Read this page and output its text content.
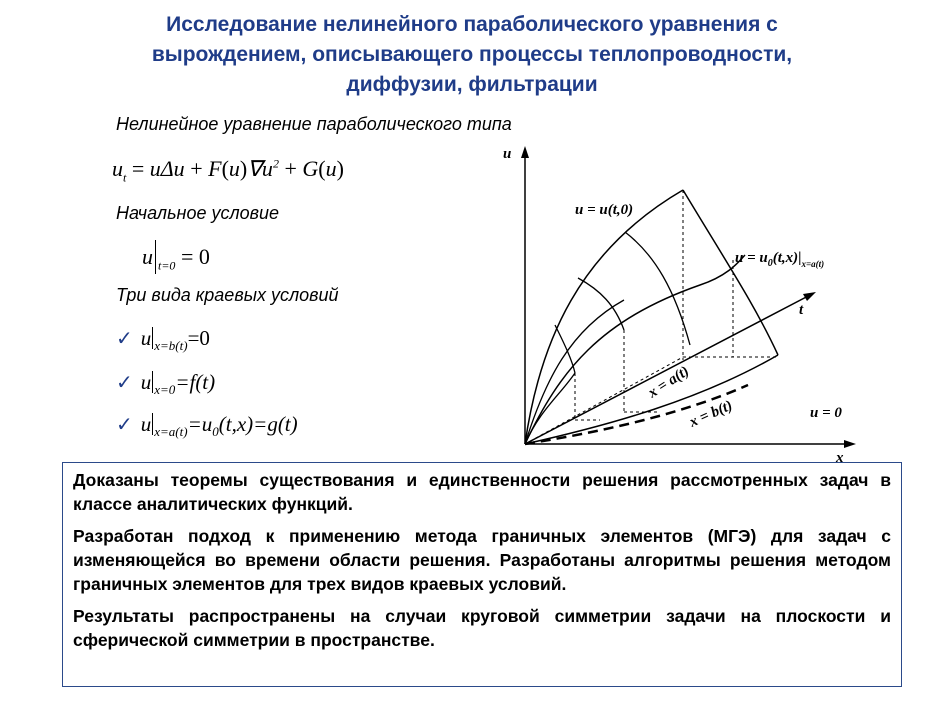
Исследование нелинейного параболического уравнения с
вырождением, описывающего процессы теплопроводности,
диффузии, фильтрации
Нелинейное уравнение параболического типа
$u_t = u\Delta u + F(u)\nabla u^2 + G(u)$
Начальное условие
u $_{t=0}$ = 0
Три вида краевых условий
✓ u $_{x=b(t)}$=0
✓ u $_{x=0}$=f(t)
✓ u $_{x=a(t)}=u_0(t,x)=g(t)$
u
t
x
u = u(t,0)
$u = u_0(t,x)|_{x=a(t)}$
x = a(t)
x = b(t)	u = 0

Доказаны теоремы существования и единственности решения рассмотренных задач в классе аналитических функций.

Разработан подход к применению метода граничных элементов (МГЭ) для задач с изменяющейся во времени области решения. Разработаны алгоритмы решения методом граничных элементов для трех видов краевых условий.

Результаты распространены на случаи круговой симметрии задачи на плоскости и сферической симметрии в пространстве.
